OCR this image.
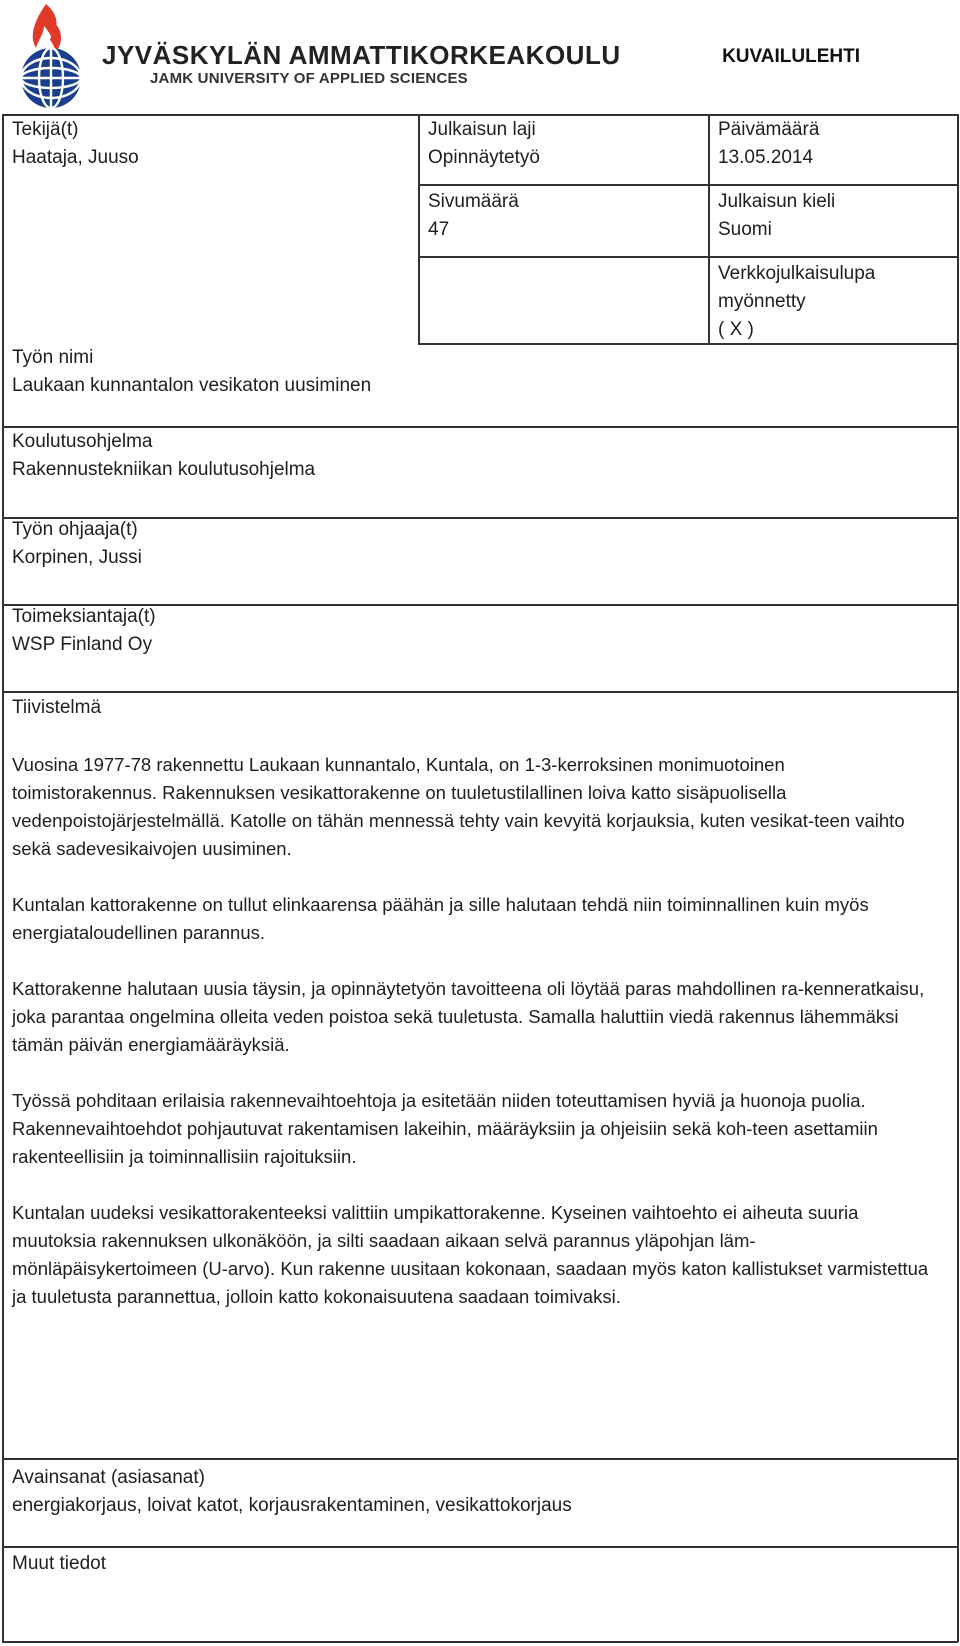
JYVÄSKYLÄN AMMATTIKORKEAKOULU
JAMK UNIVERSITY OF APPLIED SCIENCES
KUVAILULEHTI
Tekijä(t)
Haataja, Juuso
Julkaisun laji
Opinnäytetyö
Päivämäärä
13.05.2014
Sivumäärä
47
Julkaisun kieli
Suomi
Verkkojulkaisulupa
myönnetty
( X )
Työn nimi
Laukaan kunnantalon vesikaton uusiminen
Koulutusohjelma
Rakennustekniikan koulutusohjelma
Työn ohjaaja(t)
Korpinen, Jussi
Toimeksiantaja(t)
WSP Finland Oy
Tiivistelmä

Vuosina 1977-78 rakennettu Laukaan kunnantalo, Kuntala, on 1-3-kerroksinen monimuotoinen toimistorakennus. Rakennuksen vesikattorakenne on tuuletustilallinen loiva katto sisäpuolisella vedenpoistojärjestelmällä. Katolle on tähän mennessä tehty vain kevyitä korjauksia, kuten vesikat-teen vaihto sekä sadevesikaivojen uusiminen.

Kuntalan kattorakenne on tullut elinkaarensa päähän ja sille halutaan tehdä niin toiminnallinen kuin myös energiataloudellinen parannus.

Kattorakenne halutaan uusia täysin, ja opinnäytetyön tavoitteena oli löytää paras mahdollinen ra-kenneratkaisu, joka parantaa ongelmina olleita veden poistoa sekä tuuletusta. Samalla haluttiin viedä rakennus lähemmäksi tämän päivän energiamääräyksiä.

Työssä pohditaan erilaisia rakennevaihtoehtoja ja esitetään niiden toteuttamisen hyviä ja huonoja puolia. Rakennevaihtoehdot pohjautuvat rakentamisen lakeihin, määräyksiin ja ohjeisiin sekä koh-teen asettamiin rakenteellisiin ja toiminnallisiin rajoituksiin.

Kuntalan uudeksi vesikattorakenteeksi valittiin umpikattorakenne. Kyseinen vaihtoehto ei aiheuta suuria muutoksia rakennuksen ulkonäköön, ja silti saadaan aikaan selvä parannus yläpohjan läm-mönläpäisykertoimeen (U-arvo). Kun rakenne uusitaan kokonaan, saadaan myös katon kallistukset varmistettua ja tuuletusta parannettua, jolloin katto kokonaisuutena saadaan toimivaksi.

Avainsanat (asiasanat)
energiakorjaus, loivat katot, korjausrakentaminen, vesikattokorjaus
Muut tiedot
